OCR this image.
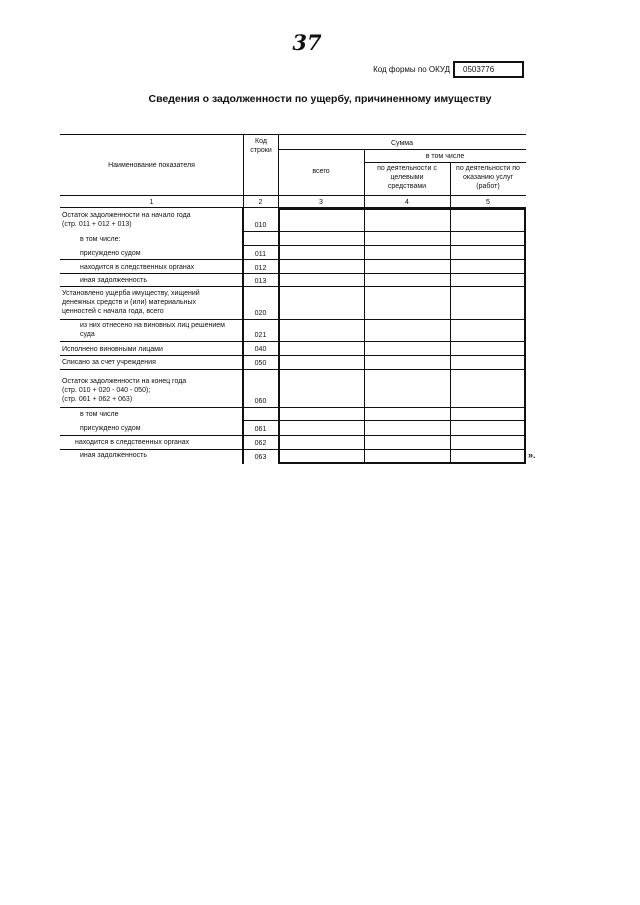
37
Код формы по ОКУД	0503776
Сведения о задолженности по ущербу, причиненному имуществу
Наименование показателя
Код строки
Сумма
в том числе
всего	по деятельности с целевыми средствами
по деятельности по оказанию услуг (работ)
1	2	3	4	5
Остаток задолженности на начало года
(стр. 011 + 012 + 013)	010
в том числе:
присуждено судом	011
находится в следственных органах	012
иная задолженность	013
Установлено ущерба имуществу, хищений
денежных средств и (или) материальных
ценностей с начала года, всего	020
из них отнесено на виновных лиц решением
суда	021
Исполнено виновными лицами	040
Списано за счет учреждения	050
Остаток задолженности на конец года
(стр. 010 + 020 - 040 - 050);
(стр. 061 + 062 + 063)	060
в том числе
присуждено судом	061
находится в следственных органах	062
иная задолженность	063	».
